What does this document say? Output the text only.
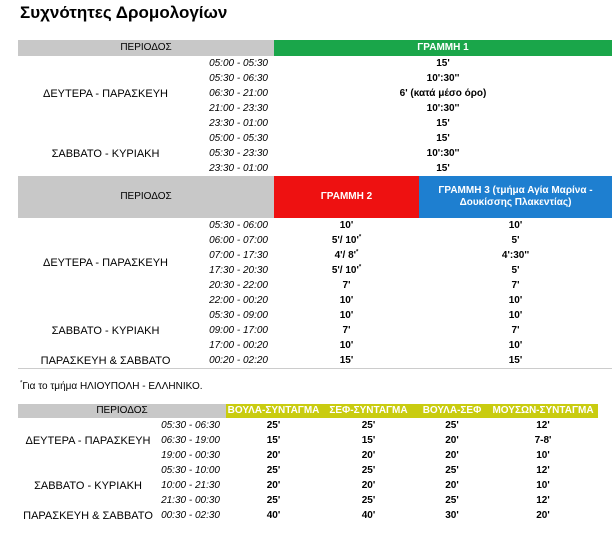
Συχνότητες Δρομολογίων
ΠΕΡΙΟΔΟΣ		ΓΡΑΜΜΗ 1
ΔΕΥΤΕΡΑ - ΠΑΡΑΣΚΕΥΗ	05:00 - 05:30	15'
	05:30 - 06:30	10':30''
	06:30 - 21:00	6' (κατά μέσο όρο)
	21:00 - 23:30	10':30''
	23:30 - 01:00	15'
ΣΑΒΒΑΤΟ - ΚΥΡΙΑΚΗ	05:00 - 05:30	15'
	05:30 - 23:30	10':30''
	23:30 - 01:00	15'
ΠΕΡΙΟΔΟΣ		ΓΡΑΜΜΗ 2	ΓΡΑΜΜΗ 3 (τμήμα Αγία Μαρίνα - Δουκίσσης Πλακεντίας)
ΔΕΥΤΕΡΑ - ΠΑΡΑΣΚΕΥΗ	05:30 - 06:00	10'	10'
	06:00 - 07:00	5'/ 10'*	5'
	07:00 - 17:30	4'/ 8'*	4':30''
	17:30 - 20:30	5'/ 10'*	5'
	20:30 - 22:00	7'	7'
	22:00 - 00:20	10'	10'
ΣΑΒΒΑΤΟ - ΚΥΡΙΑΚΗ	05:30 - 09:00	10'	10'
	09:00 - 17:00	7'	7'
	17:00 - 00:20	10'	10'
ΠΑΡΑΣΚΕΥΗ & ΣΑΒΒΑΤΟ	00:20 - 02:20	15'	15'
*Για το τμήμα ΗΛΙΟΥΠΟΛΗ - ΕΛΛΗΝΙΚΟ.
ΠΕΡΙΟΔΟΣ		ΒΟΥΛΑ-ΣΥΝΤΑΓΜΑ	ΣΕΦ-ΣΥΝΤΑΓΜΑ	ΒΟΥΛΑ-ΣΕΦ	ΜΟΥΣΩΝ-ΣΥΝΤΑΓΜΑ
ΔΕΥΤΕΡΑ - ΠΑΡΑΣΚΕΥΗ	05:30 - 06:30	25'	25'	25'	12'
	06:30 - 19:00	15'	15'	20'	7-8'
	19:00 - 00:30	20'	20'	20'	10'
ΣΑΒΒΑΤΟ - ΚΥΡΙΑΚΗ	05:30 - 10:00	25'	25'	25'	12'
	10:00 - 21:30	20'	20'	20'	10'
	21:30 - 00:30	25'	25'	25'	12'
ΠΑΡΑΣΚΕΥΗ & ΣΑΒΒΑΤΟ	00:30 - 02:30	40'	40'	30'	20'
